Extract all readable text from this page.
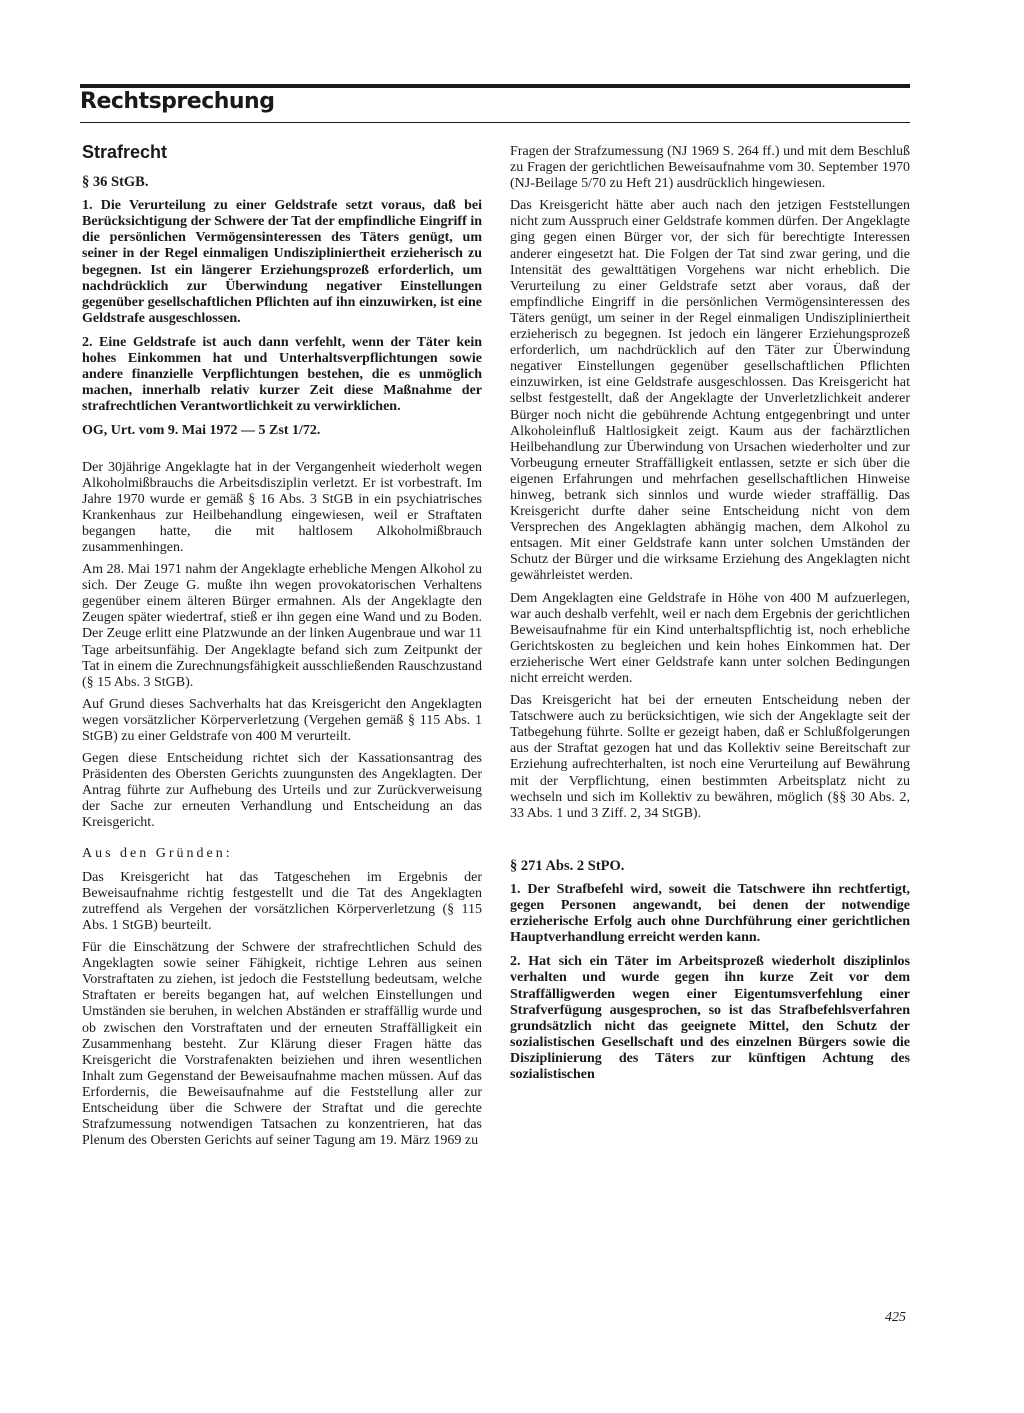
Rechtsprechung
Strafrecht
§ 36 StGB.
1. Die Verurteilung zu einer Geldstrafe setzt voraus, daß bei Berücksichtigung der Schwere der Tat der empfindliche Eingriff in die persönlichen Vermögensinteressen des Täters genügt, um seiner in der Regel einmaligen Undiszipliniertheit erzieherisch zu begegnen. Ist ein längerer Erziehungsprozeß erforderlich, um nachdrücklich zur Überwindung negativer Einstellungen gegenüber gesellschaftlichen Pflichten auf ihn einzuwirken, ist eine Geldstrafe ausgeschlossen.
2. Eine Geldstrafe ist auch dann verfehlt, wenn der Täter kein hohes Einkommen hat und Unterhaltsverpflichtungen sowie andere finanzielle Verpflichtungen bestehen, die es unmöglich machen, innerhalb relativ kurzer Zeit diese Maßnahme der strafrechtlichen Verantwortlichkeit zu verwirklichen.
OG, Urt. vom 9. Mai 1972 — 5 Zst 1/72.

Der 30jährige Angeklagte hat in der Vergangenheit wiederholt wegen Alkoholmißbrauchs die Arbeitsdisziplin verletzt. Er ist vorbestraft. Im Jahre 1970 wurde er gemäß § 16 Abs. 3 StGB in ein psychiatrisches Krankenhaus zur Heilbehandlung eingewiesen, weil er Straftaten begangen hatte, die mit haltlosem Alkoholmißbrauch zusammenhingen.

Am 28. Mai 1971 nahm der Angeklagte erhebliche Mengen Alkohol zu sich. Der Zeuge G. mußte ihn wegen provokatorischen Verhaltens gegenüber einem älteren Bürger ermahnen. Als der Angeklagte den Zeugen später wiedertraf, stieß er ihn gegen eine Wand und zu Boden. Der Zeuge erlitt eine Platzwunde an der linken Augenbraue und war 11 Tage arbeitsunfähig. Der Angeklagte befand sich zum Zeitpunkt der Tat in einem die Zurechnungsfähigkeit ausschließenden Rauschzustand (§ 15 Abs. 3 StGB).

Auf Grund dieses Sachverhalts hat das Kreisgericht den Angeklagten wegen vorsätzlicher Körperverletzung (Vergehen gemäß § 115 Abs. 1 StGB) zu einer Geldstrafe von 400 M verurteilt.

Gegen diese Entscheidung richtet sich der Kassationsantrag des Präsidenten des Obersten Gerichts zuungunsten des Angeklagten. Der Antrag führte zur Aufhebung des Urteils und zur Zurückverweisung der Sache zur erneuten Verhandlung und Entscheidung an das Kreisgericht.

Aus den Gründen:

Das Kreisgericht hat das Tatgeschehen im Ergebnis der Beweisaufnahme richtig festgestellt und die Tat des Angeklagten zutreffend als Vergehen der vorsätzlichen Körperverletzung (§ 115 Abs. 1 StGB) beurteilt.

Für die Einschätzung der Schwere der strafrechtlichen Schuld des Angeklagten sowie seiner Fähigkeit, richtige Lehren aus seinen Vorstraftaten zu ziehen, ist jedoch die Feststellung bedeutsam, welche Straftaten er bereits begangen hat, auf welchen Einstellungen und Umständen sie beruhen, in welchen Abständen er straffällig wurde und ob zwischen den Vorstraftaten und der erneuten Straffälligkeit ein Zusammenhang besteht. Zur Klärung dieser Fragen hätte das Kreisgericht die Vorstrafenakten beiziehen und ihren wesentlichen Inhalt zum Gegenstand der Beweisaufnahme machen müssen. Auf das Erfordernis, die Beweisaufnahme auf die Feststellung aller zur Entscheidung über die Schwere der Straftat und die gerechte Strafzumessung notwendigen Tatsachen zu konzentrieren, hat das Plenum des Obersten Gerichts auf seiner Tagung am 19. März 1969 zu

Fragen der Strafzumessung (NJ 1969 S. 264 ff.) und mit dem Beschluß zu Fragen der gerichtlichen Beweisaufnahme vom 30. September 1970 (NJ-Beilage 5/70 zu Heft 21) ausdrücklich hingewiesen.

Das Kreisgericht hätte aber auch nach den jetzigen Feststellungen nicht zum Ausspruch einer Geldstrafe kommen dürfen. Der Angeklagte ging gegen einen Bürger vor, der sich für berechtigte Interessen anderer eingesetzt hat. Die Folgen der Tat sind zwar gering, und die Intensität des gewalttätigen Vorgehens war nicht erheblich. Die Verurteilung zu einer Geldstrafe setzt aber voraus, daß der empfindliche Eingriff in die persönlichen Vermögensinteressen des Täters genügt, um seiner in der Regel einmaligen Undiszipliniertheit erzieherisch zu begegnen. Ist jedoch ein längerer Erziehungsprozeß erforderlich, um nachdrücklich auf den Täter zur Überwindung negativer Einstellungen gegenüber gesellschaftlichen Pflichten einzuwirken, ist eine Geldstrafe ausgeschlossen. Das Kreisgericht hat selbst festgestellt, daß der Angeklagte der Unverletzlichkeit anderer Bürger noch nicht die gebührende Achtung entgegenbringt und unter Alkoholeinfluß Haltlosigkeit zeigt. Kaum aus der fachärztlichen Heilbehandlung zur Überwindung von Ursachen wiederholter und zur Vorbeugung erneuter Straffälligkeit entlassen, setzte er sich über die eigenen Erfahrungen und mehrfachen gesellschaftlichen Hinweise hinweg, betrank sich sinnlos und wurde wieder straffällig. Das Kreisgericht durfte daher seine Entscheidung nicht von dem Versprechen des Angeklagten abhängig machen, dem Alkohol zu entsagen. Mit einer Geldstrafe kann unter solchen Umständen der Schutz der Bürger und die wirksame Erziehung des Angeklagten nicht gewährleistet werden.

Dem Angeklagten eine Geldstrafe in Höhe von 400 M aufzuerlegen, war auch deshalb verfehlt, weil er nach dem Ergebnis der gerichtlichen Beweisaufnahme für ein Kind unterhaltspflichtig ist, noch erhebliche Gerichtskosten zu begleichen und kein hohes Einkommen hat. Der erzieherische Wert einer Geldstrafe kann unter solchen Bedingungen nicht erreicht werden.

Das Kreisgericht hat bei der erneuten Entscheidung neben der Tatschwere auch zu berücksichtigen, wie sich der Angeklagte seit der Tatbegehung führte. Sollte er gezeigt haben, daß er Schlußfolgerungen aus der Straftat gezogen hat und das Kollektiv seine Bereitschaft zur Erziehung aufrechterhalten, ist noch eine Verurteilung auf Bewährung mit der Verpflichtung, einen bestimmten Arbeitsplatz nicht zu wechseln und sich im Kollektiv zu bewähren, möglich (§§ 30 Abs. 2, 33 Abs. 1 und 3 Ziff. 2, 34 StGB).

§ 271 Abs. 2 StPO.
1. Der Strafbefehl wird, soweit die Tatschwere ihn rechtfertigt, gegen Personen angewandt, bei denen der notwendige erzieherische Erfolg auch ohne Durchführung einer gerichtlichen Hauptverhandlung erreicht werden kann.
2. Hat sich ein Täter im Arbeitsprozeß wiederholt disziplinlos verhalten und wurde gegen ihn kurze Zeit vor dem Straffälligwerden wegen einer Eigentumsverfehlung einer Strafverfügung ausgesprochen, so ist das Strafbefehlsverfahren grundsätzlich nicht das geeignete Mittel, den Schutz der sozialistischen Gesellschaft und des einzelnen Bürgers sowie die Disziplinierung des Täters zur künftigen Achtung des sozialistischen
425
